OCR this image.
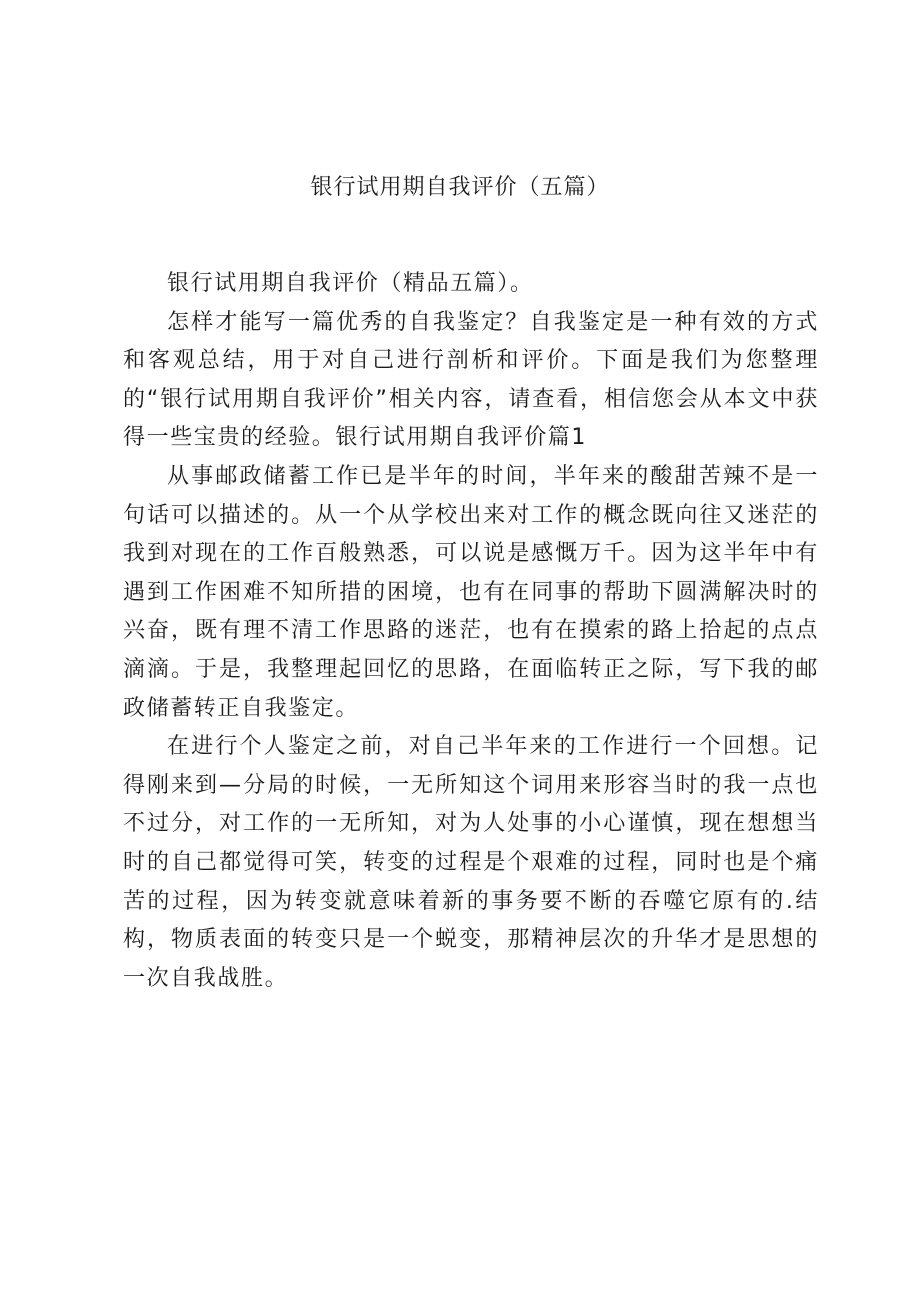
银行试用期自我评价（五篇）

银行试用期自我评价（精品五篇）。

怎样才能写一篇优秀的自我鉴定？自我鉴定是一种有效的方式和客观总结，用于对自己进行剖析和评价。下面是我们为您整理的“银行试用期自我评价”相关内容，请查看，相信您会从本文中获得一些宝贵的经验。银行试用期自我评价篇1

从事邮政储蓄工作已是半年的时间，半年来的酸甜苦辣不是一句话可以描述的。从一个从学校出来对工作的概念既向往又迷茫的我到对现在的工作百般熟悉，可以说是感慨万千。因为这半年中有遇到工作困难不知所措的困境，也有在同事的帮助下圆满解决时的兴奋，既有理不清工作思路的迷茫，也有在摸索的路上拾起的点点滴滴。于是，我整理起回忆的思路，在面临转正之际，写下我的邮政储蓄转正自我鉴定。

在进行个人鉴定之前，对自己半年来的工作进行一个回想。记得刚来到—分局的时候，一无所知这个词用来形容当时的我一点也不过分，对工作的一无所知，对为人处事的小心谨慎，现在想想当时的自己都觉得可笑，转变的过程是个艰难的过程，同时也是个痛苦的过程，因为转变就意味着新的事务要不断的吞噬它原有的.结构，物质表面的转变只是一个蜕变，那精神层次的升华才是思想的一次自我战胜。
